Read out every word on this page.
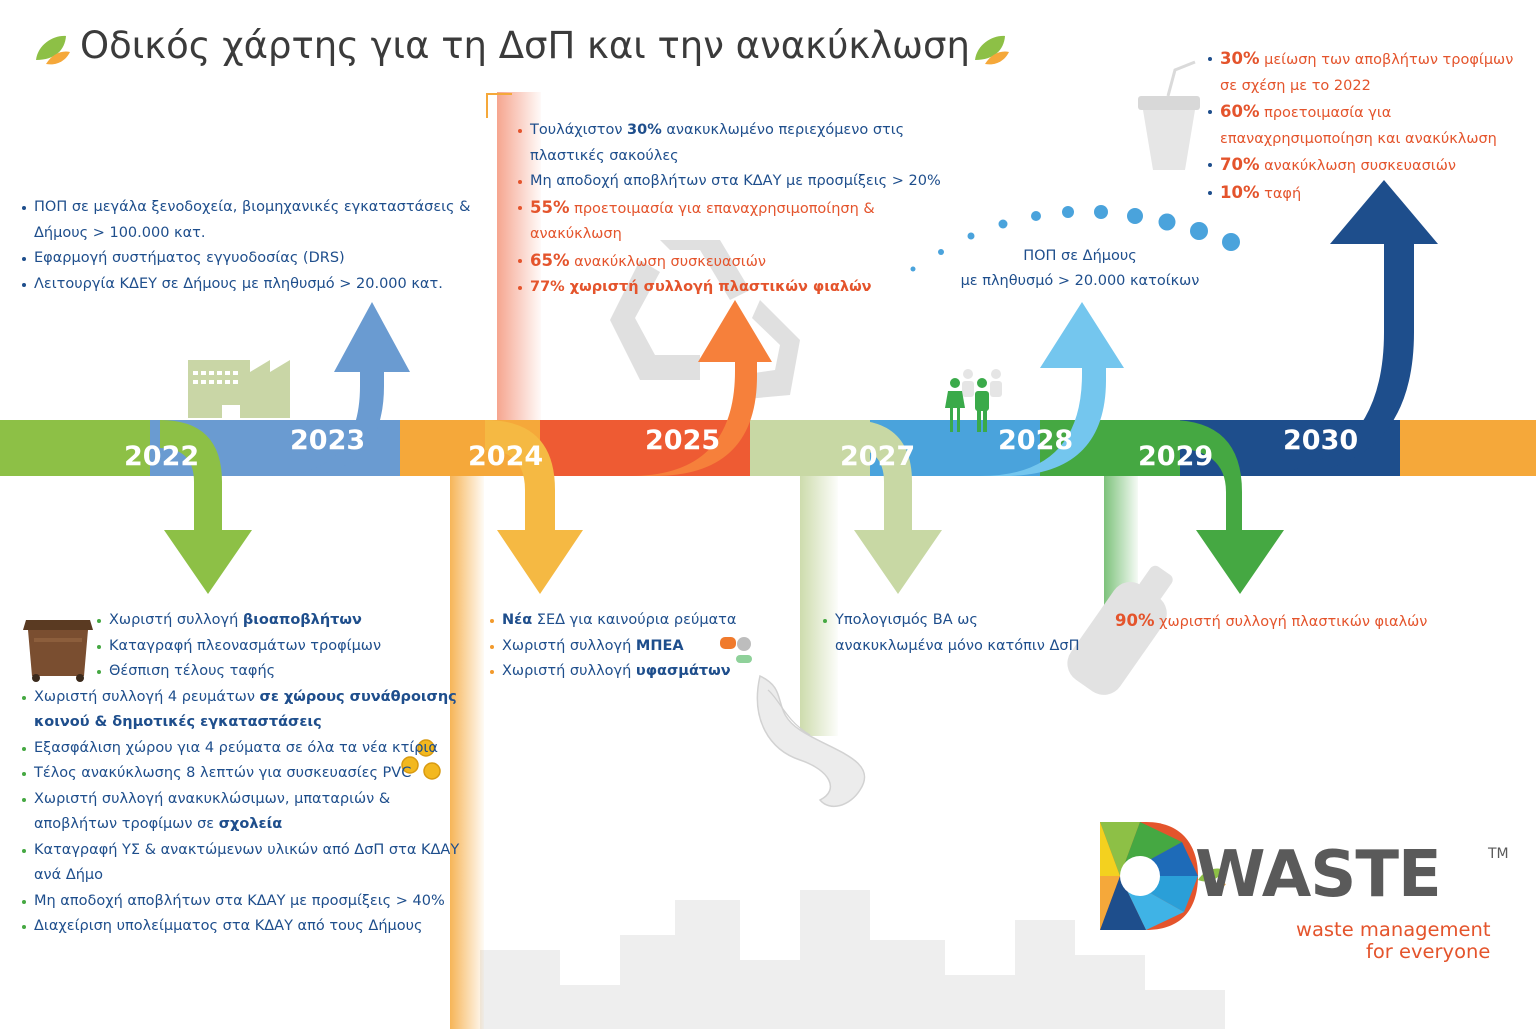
Οδικός χάρτης για τη ΔσΠ και την ανακύκλωση
2022
2023
2024
2025
2027
2028
2029
2030
ΠΟΠ σε μεγάλα ξενοδοχεία, βιομηχανικές εγκαταστάσεις & Δήμους > 100.000 κατ.
Εφαρμογή συστήματος εγγυοδοσίας (DRS)
Λειτουργία ΚΔΕΥ σε Δήμους με πληθυσμό > 20.000 κατ.
Τουλάχιστον 30% ανακυκλωμένο περιεχόμενο στις πλαστικές σακούλες
Μη αποδοχή αποβλήτων στα ΚΔΑΥ με προσμίξεις > 20%
55% προετοιμασία για επαναχρησιμοποίηση & ανακύκλωση
65% ανακύκλωση συσκευασιών
77% χωριστή συλλογή πλαστικών φιαλών
30% μείωση των αποβλήτων τροφίμων σε σχέση με το 2022
60% προετοιμασία για επαναχρησιμοποίηση και ανακύκλωση
70% ανακύκλωση συσκευασιών
10% ταφή
Χωριστή συλλογή βιοαποβλήτων
Καταγραφή πλεονασμάτων τροφίμων
Θέσπιση τέλους ταφής
Χωριστή συλλογή 4 ρευμάτων σε χώρους συνάθροισης κοινού & δημοτικές εγκαταστάσεις
Εξασφάλιση χώρου για 4 ρεύματα σε όλα τα νέα κτίρια
Τέλος ανακύκλωσης 8 λεπτών για συσκευασίες PVC
Χωριστή συλλογή ανακυκλώσιμων, μπαταριών & αποβλήτων τροφίμων σε σχολεία
Καταγραφή ΥΣ & ανακτώμενων υλικών από ΔσΠ στα ΚΔΑΥ ανά Δήμο
Μη αποδοχή αποβλήτων στα ΚΔΑΥ με προσμίξεις > 40%
Διαχείριση υπολείμματος στα ΚΔΑΥ από τους Δήμους
Νέα ΣΕΔ για καινούρια ρεύματα
Χωριστή συλλογή ΜΠΕΑ
Χωριστή συλλογή υφασμάτων
Υπολογισμός ΒΑ ως ανακυκλωμένα μόνο κατόπιν ΔσΠ
ΠΟΠ σε Δήμους
με πληθυσμό > 20.000 κατοίκων
90% χωριστή συλλογή πλαστικών φιαλών
WASTE	TM
waste management
for everyone
